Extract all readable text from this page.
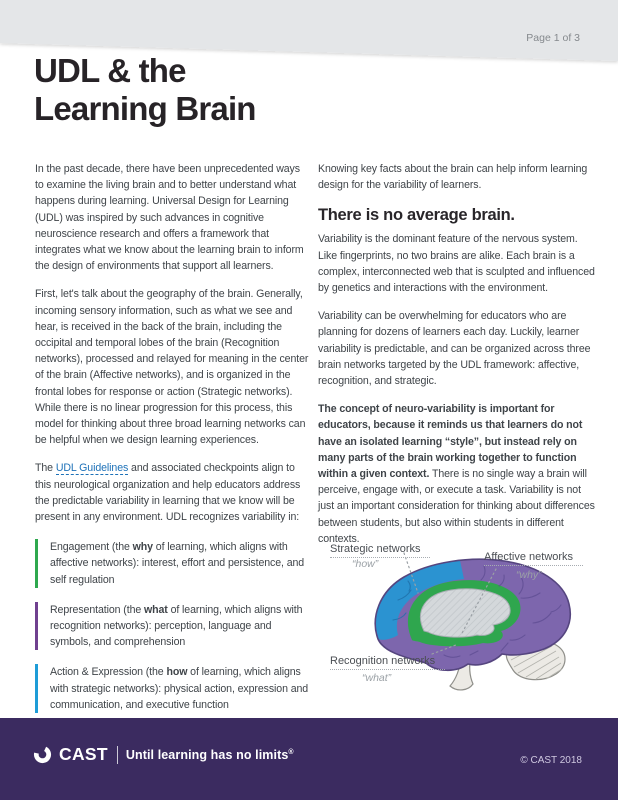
Page 1 of 3
UDL & the
Learning Brain

In the past decade, there have been unprecedented ways to examine the living brain and to better understand what happens during learning. Universal Design for Learning (UDL) was inspired by such advances in cognitive neuroscience research and offers a framework that integrates what we know about the learning brain to inform the design of environments that support all learners.

First, let's talk about the geography of the brain. Generally, incoming sensory information, such as what we see and hear, is received in the back of the brain, including the occipital and temporal lobes of the brain (Recognition networks), processed and relayed for meaning in the center of the brain (Affective networks), and is organized in the frontal lobes for response or action (Strategic networks). While there is no linear progression for this process, this model for thinking about three broad learning networks can be helpful when we design learning experiences.

The UDL Guidelines and associated checkpoints align to this neurological organization and help educators address the predictable variability in learning that we know will be present in any environment. UDL recognizes variability in:

Engagement (the why of learning, which aligns with affective networks): interest, effort and persistence, and self regulation
Representation (the what of learning, which aligns with recognition networks): perception, language and symbols, and comprehension
Action & Expression (the how of learning, which aligns with strategic networks): physical action, expression and communication, and executive function

Knowing key facts about the brain can help inform learning design for the variability of learners.

There is no average brain.

Variability is the dominant feature of the nervous system. Like fingerprints, no two brains are alike. Each brain is a complex, interconnected web that is sculpted and influenced by genetics and interactions with the environment.

Variability can be overwhelming for educators who are planning for dozens of learners each day. Luckily, learner variability is predictable, and can be organized across three brain networks targeted by the UDL framework: affective, recognition, and strategic.

The concept of neuro-variability is important for educators, because it reminds us that learners do not have an isolated learning “style”, but instead rely on many parts of the brain working together to function within a given context. There is no single way a brain will perceive, engage with, or execute a task. Variability is not just an important consideration for thinking about differences between students, but also within students in different contexts.

Strategic networks
“how”
Affective networks
“why”
Recognition networks
“what”
CAST Until learning has no limits®
© CAST 2018
